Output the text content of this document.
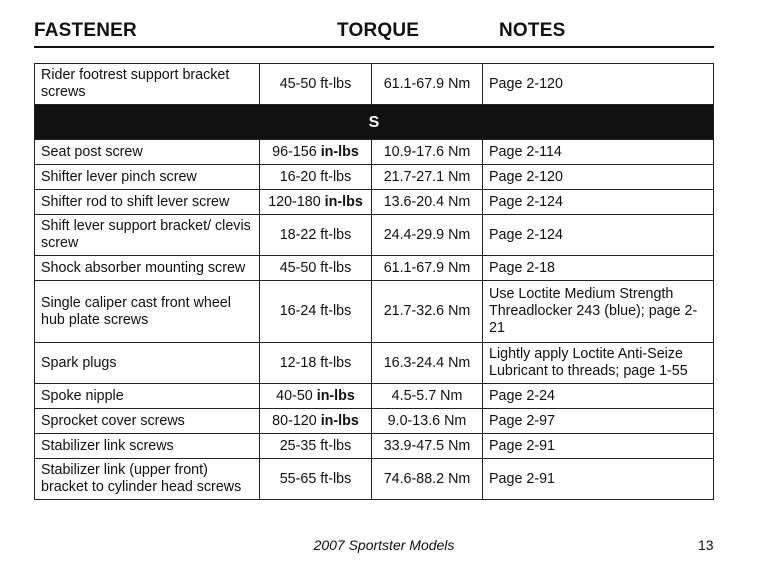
FASTENER	TORQUE	NOTES
Rider footrest support bracket screws	45-50 ft-lbs	61.1-67.9 Nm	Page 2-120
S			
Seat post screw	96-156 in-lbs	10.9-17.6 Nm	Page 2-114
Shifter lever pinch screw	16-20 ft-lbs	21.7-27.1 Nm	Page 2-120
Shifter rod to shift lever screw	120-180 in-lbs	13.6-20.4 Nm	Page 2-124
Shift lever support bracket/ clevis screw	18-22 ft-lbs	24.4-29.9 Nm	Page 2-124
Shock absorber mounting screw	45-50 ft-lbs	61.1-67.9 Nm	Page 2-18
Single caliper cast front wheel hub plate screws	16-24 ft-lbs	21.7-32.6 Nm	Use Loctite Medium Strength Threadlocker 243 (blue); page 2-21
Spark plugs	12-18 ft-lbs	16.3-24.4 Nm	Lightly apply Loctite Anti-Seize Lubricant to threads; page 1-55
Spoke nipple	40-50 in-lbs	4.5-5.7 Nm	Page 2-24
Sprocket cover screws	80-120 in-lbs	9.0-13.6 Nm	Page 2-97
Stabilizer link screws	25-35 ft-lbs	33.9-47.5 Nm	Page 2-91
Stabilizer link (upper front) bracket to cylinder head screws	55-65 ft-lbs	74.6-88.2 Nm	Page 2-91
2007 Sportster Models	13
